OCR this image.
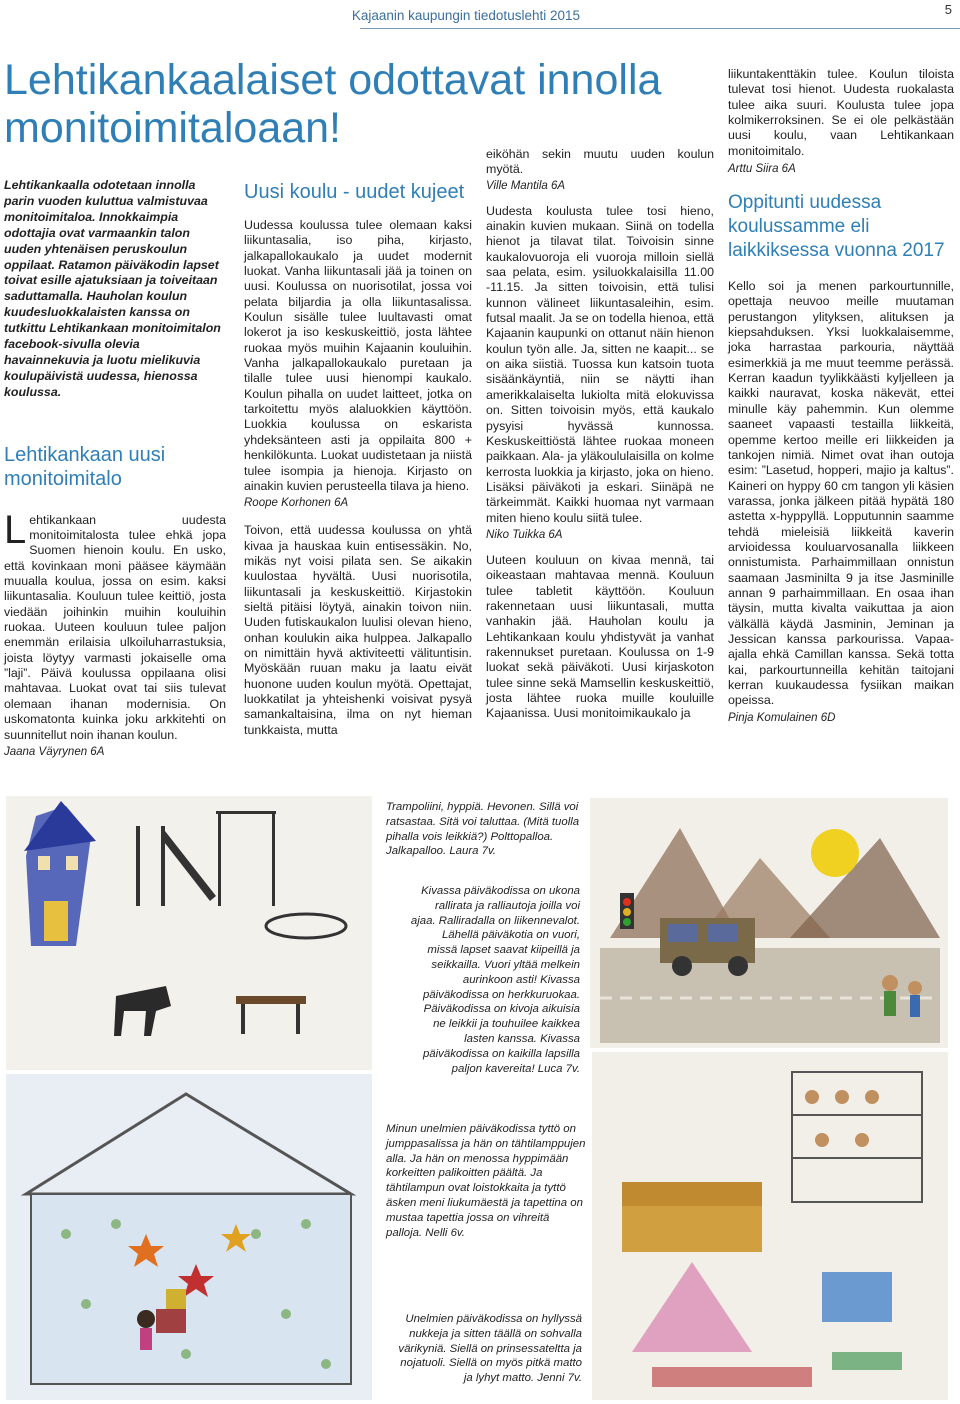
Kajaanin kaupungin tiedotuslehti 2015	5
Lehtikankaalaiset odottavat innolla monitoimitaloaan!
Lehtikankaalla odotetaan innolla parin vuoden kuluttua valmistuvaa monitoimitaloa. Innokkaimpia odottajia ovat varmaankin talon uuden yhtenäisen peruskoulun oppilaat. Ratamon päiväkodin lapset toivat esille ajatuksiaan ja toiveitaan saduttamalla. Hauholan koulun kuudesluokkalaisten kanssa on tutkittu Lehtikankaan monitoimitalon facebook-sivulla olevia havainnekuvia ja luotu mielikuvia koulupäivistä uudessa, hienossa koulussa.
Lehtikankaan uusi monitoimitalo
Lehtikankaan uudesta monitoimitalosta tulee ehkä jopa Suomen hienoin koulu. En usko, että kovinkaan moni pääsee käymään muualla koulua, jossa on esim. kaksi liikuntasalia. Kouluun tulee keittiö, josta viedään joihinkin muihin kouluihin ruokaa. Uuteen kouluun tulee paljon enemmän erilaisia ulkoiluharrastuksia, joista löytyy varmasti jokaiselle oma ”laji”. Päivä koulussa oppilaana olisi mahtavaa. Luokat ovat tai siis tulevat olemaan ihanan modernisia. On uskomatonta kuinka joku arkkitehti on suunnitellut noin ihanan koulun.
Jaana Väyrynen 6A
Uusi koulu - uudet kujeet
Uudessa koulussa tulee olemaan kaksi liikuntasalia, iso piha, kirjasto, jalkapallokaukalo ja uudet modernit luokat. Vanha liikuntasali jää ja toinen on uusi. Koulussa on nuorisotilat, jossa voi pelata biljardia ja olla liikuntasalissa. Koulun sisälle tulee luultavasti omat lokerot ja iso keskuskeittiö, josta lähtee ruokaa myös muihin Kajaanin kouluihin. Vanha jalkapallokaukalo puretaan ja tilalle tulee uusi hienompi kaukalo. Koulun pihalla on uudet laitteet, jotka on tarkoitettu myös alaluokkien käyttöön. Luokkia koulussa on eskarista yhdeksänteen asti ja oppilaita 800 + henkilökunta. Luokat uudistetaan ja niistä tulee isompia ja hienoja. Kirjasto on ainakin kuvien perusteella tilava ja hieno.
Roope Korhonen 6A
Toivon, että uudessa koulussa on yhtä kivaa ja hauskaa kuin entisessäkin. No, mikäs nyt voisi pilata sen. Se aikakin kuulostaa hyvältä. Uusi nuorisotila, liikuntasali ja keskuskeittiö. Kirjastokin sieltä pitäisi löytyä, ainakin toivon niin. Uuden futiskaukalon luulisi olevan hieno, onhan koulukin aika hulppea. Jalkapallo on nimittäin hyvä aktiviteetti välituntisin. Myöskään ruuan maku ja laatu eivät huonone uuden koulun myötä. Opettajat, luokkatilat ja yhteishenki voisivat pysyä samankaltaisina, ilma on nyt hieman tunkkaista, mutta
eiköhän sekin muutu uuden koulun myötä.
Ville Mantila 6A
Uudesta koulusta tulee tosi hieno, ainakin kuvien mukaan. Siinä on todella hienot ja tilavat tilat. Toivoisin sinne kaukalovuoroja eli vuoroja milloin siellä saa pelata, esim. ysiluokkalaisilla 11.00 -11.15. Ja sitten toivoisin, että tulisi kunnon välineet liikuntasaleihin, esim. futsal maalit. Ja se on todella hienoa, että Kajaanin kaupunki on ottanut näin hienon koulun työn alle. Ja, sitten ne kaapit... se on aika siistiä. Tuossa kun katsoin tuota sisäänkäyntiä, niin se näytti ihan amerikkalaiselta lukiolta mitä elokuvissa on. Sitten toivoisin myös, että kaukalo pysyisi hyvässä kunnossa. Keskuskeittiöstä lähtee ruokaa moneen paikkaan. Ala- ja yläkoululaisilla on kolme kerrosta luokkia ja kirjasto, joka on hieno. Lisäksi päiväkoti ja eskari. Siinäpä ne tärkeimmät. Kaikki huomaa nyt varmaan miten hieno koulu siitä tulee.
Niko Tuikka 6A
Uuteen kouluun on kivaa mennä, tai oikeastaan mahtavaa mennä. Kouluun tulee tabletit käyttöön. Kouluun rakennetaan uusi liikuntasali, mutta vanhakin jää. Hauholan koulu ja Lehtikankaan koulu yhdistyvät ja vanhat rakennukset puretaan. Koulussa on 1-9 luokat sekä päiväkoti. Uusi kirjaskoton tulee sinne sekä Mamsellin keskuskeittiö, josta lähtee ruoka muille kouluille Kajaanissa. Uusi monitoimikaukalo ja
liikuntakenttäkin tulee. Koulun tiloista tulevat tosi hienot. Uudesta ruokalasta tulee aika suuri. Koulusta tulee jopa kolmikerroksinen. Se ei ole pelkästään uusi koulu, vaan Lehtikankaan monitoimitalo.
Arttu Siira 6A
Oppitunti uudessa koulussamme eli laikkiksessa vuonna 2017
Kello soi ja menen parkourtunnille, opettaja neuvoo meille muutaman perustangon ylityksen, alituksen ja kiepsahduksen. Yksi luokkalaisemme, joka harrastaa parkouria, näyttää esimerkkiä ja me muut teemme perässä. Kerran kaadun tyylikkäästi kyljelleen ja kaikki nauravat, koska näkevät, ettei minulle käy pahemmin. Kun olemme saaneet vapaasti testailla liikkeitä, opemme kertoo meille eri liikkeiden ja tankojen nimiä. Nimet ovat ihan outoja esim: ”Lasetud, hopperi, majio ja kaltus”. Kaineri on hyppy 60 cm tangon yli käsien varassa, jonka jälkeen pitää hypätä 180 astetta x-hyppyllä. Lopputunnin saamme tehdä mieleisiä liikkeitä kaverin arvioidessa kouluarvosanalla liikkeen onnistumista. Parhaimmillaan onnistun saamaan Jasminilta 9 ja itse Jasminille annan 9 parhaimmillaan. En osaa ihan täysin, mutta kivalta vaikuttaa ja aion välkällä käydä Jasminin, Jeminan ja Jessican kanssa parkourissa. Vapaa-ajalla ehkä Camillan kanssa. Sekä totta kai, parkourtunneilla kehitän taitojani kerran kuukaudessa fysiikan maikan opeissa.
Pinja Komulainen 6D
Trampoliini, hyppiä. Hevonen. Sillä voi ratsastaa. Sitä voi taluttaa. (Mitä tuolla pihalla vois leikkiä?) Polttopalloa. Jalkapalloo. Laura 7v.
Kivassa päiväkodissa on ukona rallirata ja ralliautoja joilla voi ajaa. Ralliradalla on liikennevalot. Lähellä päiväkotia on vuori, missä lapset saavat kiipeillä ja seikkailla. Vuori yltää melkein aurinkoon asti! Kivassa päiväkodissa on herkkuruokaa. Päiväkodissa on kivoja aikuisia ne leikkii ja touhuilee kaikkea lasten kanssa. Kivassa päiväkodissa on kaikilla lapsilla paljon kavereita! Luca 7v.
Minun unelmien päiväkodissa tyttö on jumppasalissa ja hän on tähtilamppujen alla. Ja hän on menossa hyppimään korkeitten palikoitten päältä. Ja tähtilampun ovat loistokkaita ja tyttö äsken meni liukumäestä ja tapettina on mustaa tapettia jossa on vihreitä palloja. Nelli 6v.
Unelmien päiväkodissa on hyllyssä nukkeja ja sitten täällä on sohvalla värikyniä. Siellä on prinsessatelttа ja nojatuoli. Siellä on myös pitkä matto ja lyhyt matto. Jenni 7v.
